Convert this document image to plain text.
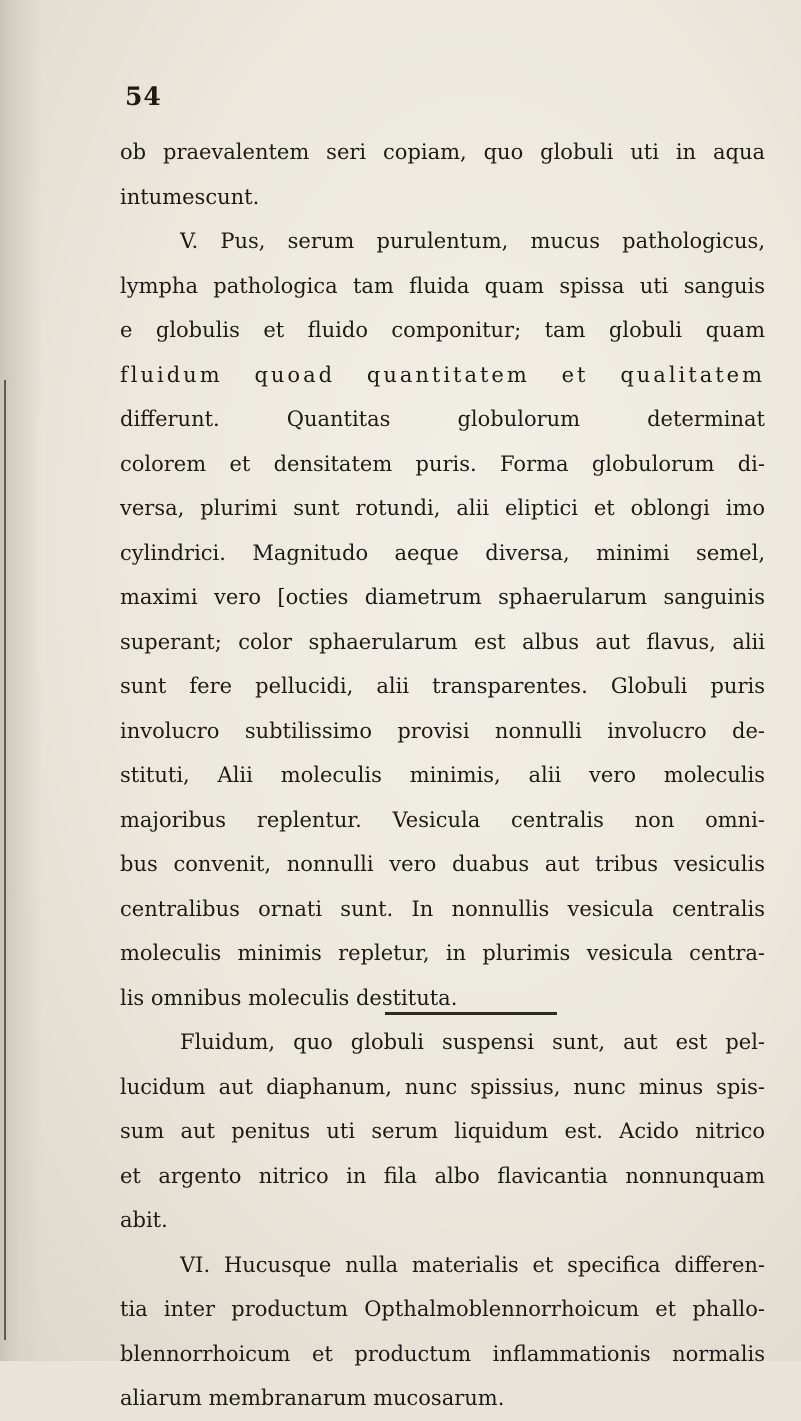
54
ob praevalentem seri copiam, quo globuli uti in aqua
intumescunt.
V. Pus, serum purulentum, mucus pathologicus,
lympha pathologica tam fluida quam spissa uti sanguis
e globulis et fluido componitur; tam globuli quam
fluidum quoad quantitatem et qualitatem
differunt. Quantitas globulorum determinat
colorem et densitatem puris. Forma globulorum di-
versa, plurimi sunt rotundi, alii eliptici et oblongi imo
cylindrici. Magnitudo aeque diversa, minimi semel,
maximi vero [octies diametrum sphaerularum sanguinis
superant; color sphaerularum est albus aut flavus, alii
sunt fere pellucidi, alii transparentes. Globuli puris
involucro subtilissimo provisi nonnulli involucro de-
stituti, Alii moleculis minimis, alii vero moleculis
majoribus replentur. Vesicula centralis non omni-
bus convenit, nonnulli vero duabus aut tribus vesiculis
centralibus ornati sunt. In nonnullis vesicula centralis
moleculis minimis repletur, in plurimis vesicula centra-
lis omnibus moleculis destituta.
Fluidum, quo globuli suspensi sunt, aut est pel-
lucidum aut diaphanum, nunc spissius, nunc minus spis-
sum aut penitus uti serum liquidum est. Acido nitrico
et argento nitrico in fila albo flavicantia nonnunquam
abit.
VI. Hucusque nulla materialis et specifica differen-
tia inter productum Opthalmoblennorrhoicum et phallo-
blennorrhoicum et productum inflammationis normalis
aliarum membranarum mucosarum.
